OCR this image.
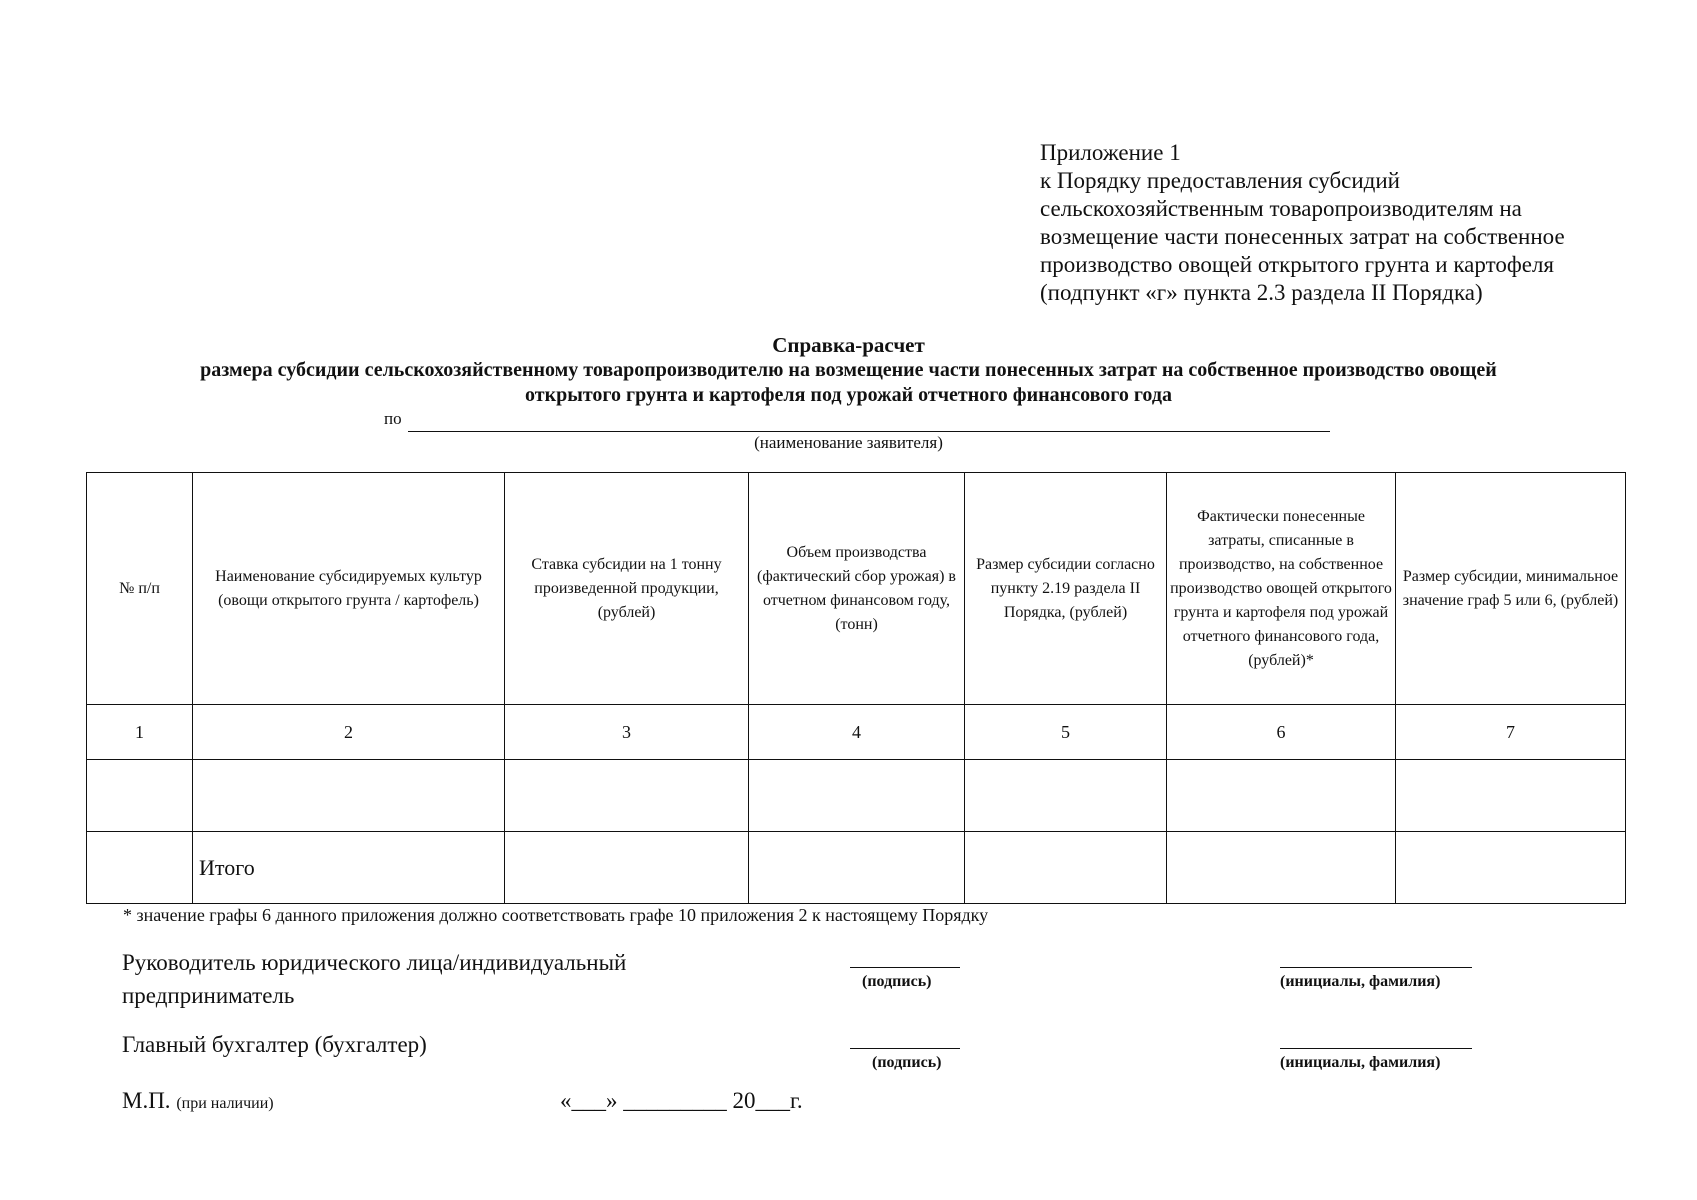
Приложение 1
к Порядку предоставления субсидий
сельскохозяйственным товаропроизводителям на
возмещение части понесенных затрат на собственное
производство овощей открытого грунта и картофеля
(подпункт «г» пункта 2.3 раздела II Порядка)
Справка-расчет
размера субсидии сельскохозяйственному товаропроизводителю на возмещение части понесенных затрат на собственное производство овощей
открытого грунта и картофеля под урожай отчетного финансового года
по
(наименование заявителя)
№ п/п	Наименование субсидируемых культур (овощи открытого грунта / картофель)	Ставка субсидии на 1 тонну произведенной продукции, (рублей)	Объем производства (фактический сбор урожая) в отчетном финансовом году, (тонн)	Размер субсидии согласно пункту 2.19 раздела II Порядка, (рублей)	Фактически понесенные затраты, списанные в производство, на собственное производство овощей открытого грунта и картофеля под урожай отчетного финансового года, (рублей)*	Размер субсидии, минимальное значение граф 5 или 6, (рублей)
1	2	3	4	5	6	7

	Итого					
* значение графы 6 данного приложения должно соответствовать графе 10 приложения 2 к настоящему Порядку
Руководитель юридического лица/индивидуальный
предприниматель
(подпись)	(инициалы, фамилия)
Главный бухгалтер (бухгалтер)
(подпись)	(инициалы, фамилия)
М.П. (при наличии)	«___» _________ 20___г.
